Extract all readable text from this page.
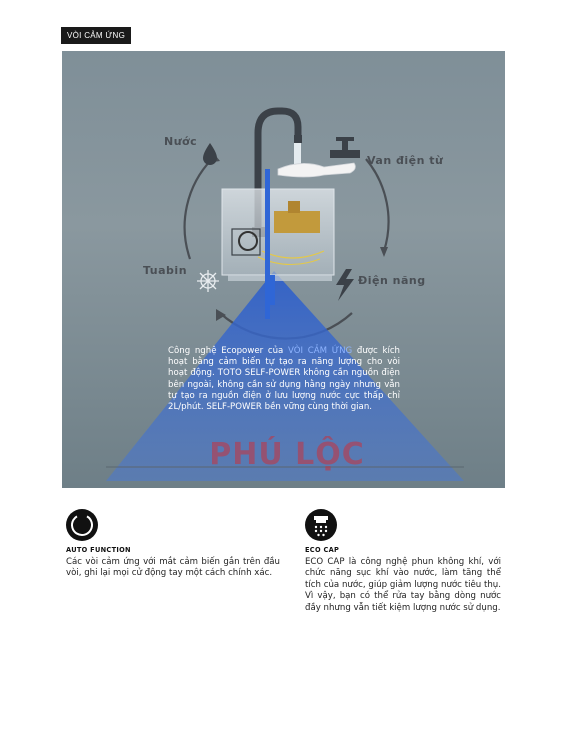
VÒI CẢM ỨNG
Nước
Van điện từ
Tuabin
Điện năng
Công nghệ Ecopower của VÒI CẢM ỨNG được kích hoạt bằng cảm biến tự tạo ra năng lượng cho vòi hoạt động. TOTO SELF-POWER không cần nguồn điện bên ngoài, không cần sử dụng hằng ngày nhưng vẫn tự tạo ra nguồn điện ở lưu lượng nước cực thấp chỉ 2L/phút. SELF-POWER bền vững cùng thời gian.
PHÚ LỘC
AUTO FUNCTION
Các vòi cảm ứng với mắt cảm biến gắn trên đầu vòi, ghi lại mọi cử động tay một cách chính xác.
ECO CAP
ECO CAP là công nghệ phun không khí, với chức năng sục khí vào nước, làm tăng thể tích của nước, giúp giảm lượng nước tiêu thụ. Vì vậy, bạn có thể rửa tay bằng dòng nước đầy nhưng vẫn tiết kiệm lượng nước sử dụng.
